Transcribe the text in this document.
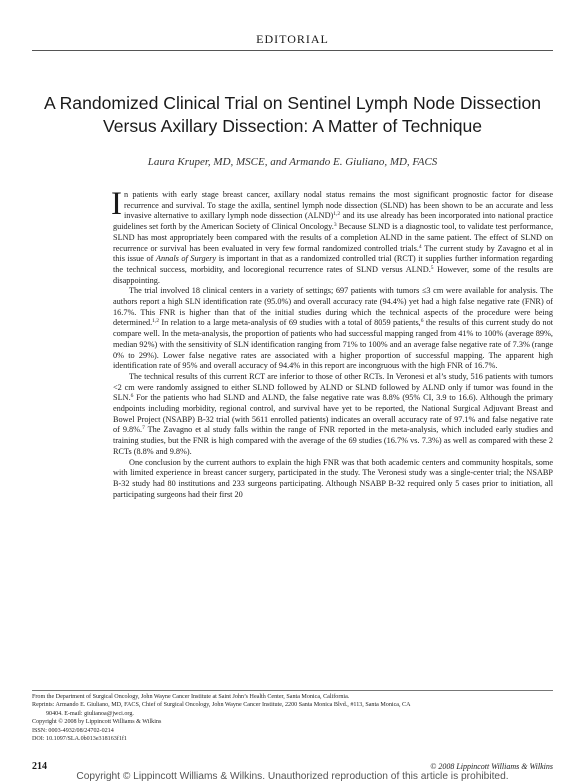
EDITORIAL
A Randomized Clinical Trial on Sentinel Lymph Node Dissection Versus Axillary Dissection: A Matter of Technique
Laura Kruper, MD, MSCE, and Armando E. Giuliano, MD, FACS

In patients with early stage breast cancer, axillary nodal status remains the most significant prognostic factor for disease recurrence and survival. To stage the axilla, sentinel lymph node dissection (SLND) has been shown to be an accurate and less invasive alternative to axillary lymph node dissection (ALND)$^{1,2}$ and its use already has been incorporated into national practice guidelines set forth by the American Society of Clinical Oncology.$^3$ Because SLND is a diagnostic tool, to validate test performance, SLND has most appropriately been compared with the results of a completion ALND in the same patient. The effect of SLND on recurrence or survival has been evaluated in very few formal randomized controlled trials.$^4$ The current study by Zavagno et al in this issue of Annals of Surgery is important in that as a randomized controlled trial (RCT) it supplies further information regarding the technical success, morbidity, and locoregional recurrence rates of SLND versus ALND.$^5$ However, some of the results are disappointing.

The trial involved 18 clinical centers in a variety of settings; 697 patients with tumors ≤3 cm were available for analysis. The authors report a high SLN identification rate (95.0%) and overall accuracy rate (94.4%) yet had a high false negative rate (FNR) of 16.7%. This FNR is higher than that of the initial studies during which the technical aspects of the procedure were being determined.$^{1,2}$ In relation to a large meta-analysis of 69 studies with a total of 8059 patients,$^6$ the results of this current study do not compare well. In the meta-analysis, the proportion of patients who had successful mapping ranged from 41% to 100% (average 89%, median 92%) with the sensitivity of SLN identification ranging from 71% to 100% and an average false negative rate of 7.3% (range 0% to 29%). Lower false negative rates are associated with a higher proportion of successful mapping. The apparent high identification rate of 95% and overall accuracy of 94.4% in this report are incongruous with the high FNR of 16.7%.

The technical results of this current RCT are inferior to those of other RCTs. In Veronesi et al’s study, 516 patients with tumors <2 cm were randomly assigned to either SLND followed by ALND or SLND followed by ALND only if tumor was found in the SLN.$^6$ For the patients who had SLND and ALND, the false negative rate was 8.8% (95% CI, 3.9 to 16.6). Although the primary endpoints including morbidity, regional control, and survival have yet to be reported, the National Surgical Adjuvant Breast and Bowel Project (NSABP) B-32 trial (with 5611 enrolled patients) indicates an overall accuracy rate of 97.1% and false negative rate of 9.8%.$^7$ The Zavagno et al study falls within the range of FNR reported in the meta-analysis, which included early studies and training studies, but the FNR is high compared with the average of the 69 studies (16.7% vs. 7.3%) as well as compared with these 2 RCTs (8.8% and 9.8%).

One conclusion by the current authors to explain the high FNR was that both academic centers and community hospitals, some with limited experience in breast cancer surgery, participated in the study. The Veronesi study was a single-center trial; the NSABP B-32 study had 80 institutions and 233 surgeons participating. Although NSABP B-32 required only 5 cases prior to initiation, all participating surgeons had their first 20

From the Department of Surgical Oncology, John Wayne Cancer Institute at Saint John’s Health Center, Santa Monica, California.
Reprints: Armando E. Giuliano, MD, FACS, Chief of Surgical Oncology, John Wayne Cancer Institute, 2200 Santa Monica Blvd., #113, Santa Monica, CA
90404. E-mail: giulianoa@jwci.org.
Copyright © 2008 by Lippincott Williams & Wilkins
ISSN: 0003-4932/08/24702-0214
DOI: 10.1097/SLA.0b013e318163f1f1
214	© 2008 Lippincott Williams & Wilkins
Copyright © Lippincott Williams & Wilkins. Unauthorized reproduction of this article is prohibited.
